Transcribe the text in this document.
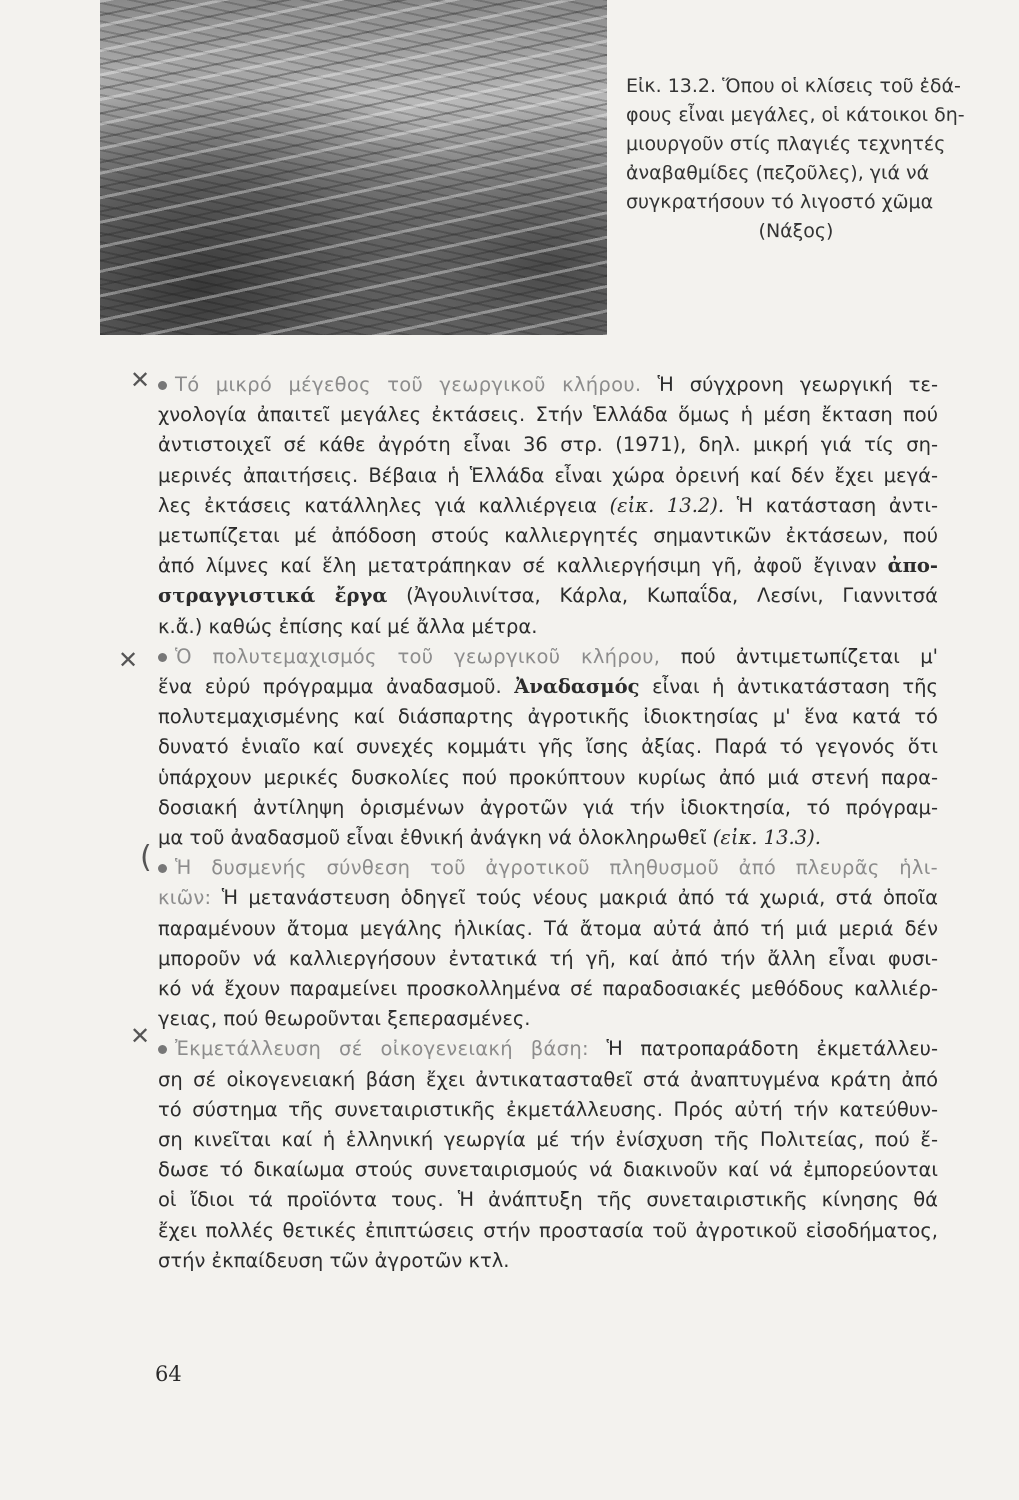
Εἰκ. 13.2. Ὅπου οἱ κλίσεις τοῦ ἐδά-
φους εἶναι μεγάλες, οἱ κάτοικοι δη-
μιουργοῦν στίς πλαγιές τεχνητές
ἀναβαθμίδες (πεζοῦλες), γιά νά
συγκρατήσουν τό λιγοστό χῶμα
(Νάξος)
✕
✕
(
✕

Τό μικρό μέγεθος τοῦ γεωργικοῦ κλήρου. Ἡ σύγχρονη γεωργική τε-
χνολογία ἀπαιτεῖ μεγάλες ἐκτάσεις. Στήν Ἑλλάδα ὅμως ἡ μέση ἔκταση πού
ἀντιστοιχεῖ σέ κάθε ἀγρότη εἶναι 36 στρ. (1971), δηλ. μικρή γιά τίς ση-
μερινές ἀπαιτήσεις. Βέβαια ἡ Ἑλλάδα εἶναι χώρα ὀρεινή καί δέν ἔχει μεγά-
λες ἐκτάσεις κατάλληλες γιά καλλιέργεια (εἰκ. 13.2). Ἡ κατάσταση ἀντι-
μετωπίζεται μέ ἀπόδοση στούς καλλιεργητές σημαντικῶν ἐκτάσεων, πού
ἀπό λίμνες καί ἕλη μετατράπηκαν σέ καλλιεργήσιμη γῆ, ἀφοῦ ἔγιναν ἀπο-
στραγγιστικά ἔργα (Ἀγουλινίτσα, Κάρλα, Κωπαΐδα, Λεσίνι, Γιαννιτσά
κ.ἄ.) καθώς ἐπίσης καί μέ ἄλλα μέτρα.

Ὁ πολυτεμαχισμός τοῦ γεωργικοῦ κλήρου, πού ἀντιμετωπίζεται μ'
ἕνα εὐρύ πρόγραμμα ἀναδασμοῦ. Ἀναδασμός εἶναι ἡ ἀντικατάσταση τῆς
πολυτεμαχισμένης καί διάσπαρτης ἀγροτικῆς ἰδιοκτησίας μ' ἕνα κατά τό
δυνατό ἑνιαῖο καί συνεχές κομμάτι γῆς ἴσης ἀξίας. Παρά τό γεγονός ὅτι
ὑπάρχουν μερικές δυσκολίες πού προκύπτουν κυρίως ἀπό μιά στενή παρα-
δοσιακή ἀντίληψη ὁρισμένων ἀγροτῶν γιά τήν ἰδιοκτησία, τό πρόγραμ-
μα τοῦ ἀναδασμοῦ εἶναι ἐθνική ἀνάγκη νά ὁλοκληρωθεῖ (εἰκ. 13.3).

Ἡ δυσμενής σύνθεση τοῦ ἀγροτικοῦ πληθυσμοῦ ἀπό πλευρᾶς ἡλι-
κιῶν: Ἡ μετανάστευση ὁδηγεῖ τούς νέους μακριά ἀπό τά χωριά, στά ὁποῖα
παραμένουν ἄτομα μεγάλης ἡλικίας. Τά ἄτομα αὐτά ἀπό τή μιά μεριά δέν
μποροῦν νά καλλιεργήσουν ἐντατικά τή γῆ, καί ἀπό τήν ἄλλη εἶναι φυσι-
κό νά ἔχουν παραμείνει προσκολλημένα σέ παραδοσιακές μεθόδους καλλιέρ-
γειας, πού θεωροῦνται ξεπερασμένες.

Ἐκμετάλλευση σέ οἰκογενειακή βάση: Ἡ πατροπαράδοτη ἐκμετάλλευ-
ση σέ οἰκογενειακή βάση ἔχει ἀντικατασταθεῖ στά ἀναπτυγμένα κράτη ἀπό
τό σύστημα τῆς συνεταιριστικῆς ἐκμετάλλευσης. Πρός αὐτή τήν κατεύθυν-
ση κινεῖται καί ἡ ἑλληνική γεωργία μέ τήν ἐνίσχυση τῆς Πολιτείας, πού ἔ-
δωσε τό δικαίωμα στούς συνεταιρισμούς νά διακινοῦν καί νά ἐμπορεύονται
οἱ ἴδιοι τά προϊόντα τους. Ἡ ἀνάπτυξη τῆς συνεταιριστικῆς κίνησης θά
ἔχει πολλές θετικές ἐπιπτώσεις στήν προστασία τοῦ ἀγροτικοῦ εἰσοδήματος,
στήν ἐκπαίδευση τῶν ἀγροτῶν κτλ.

64
